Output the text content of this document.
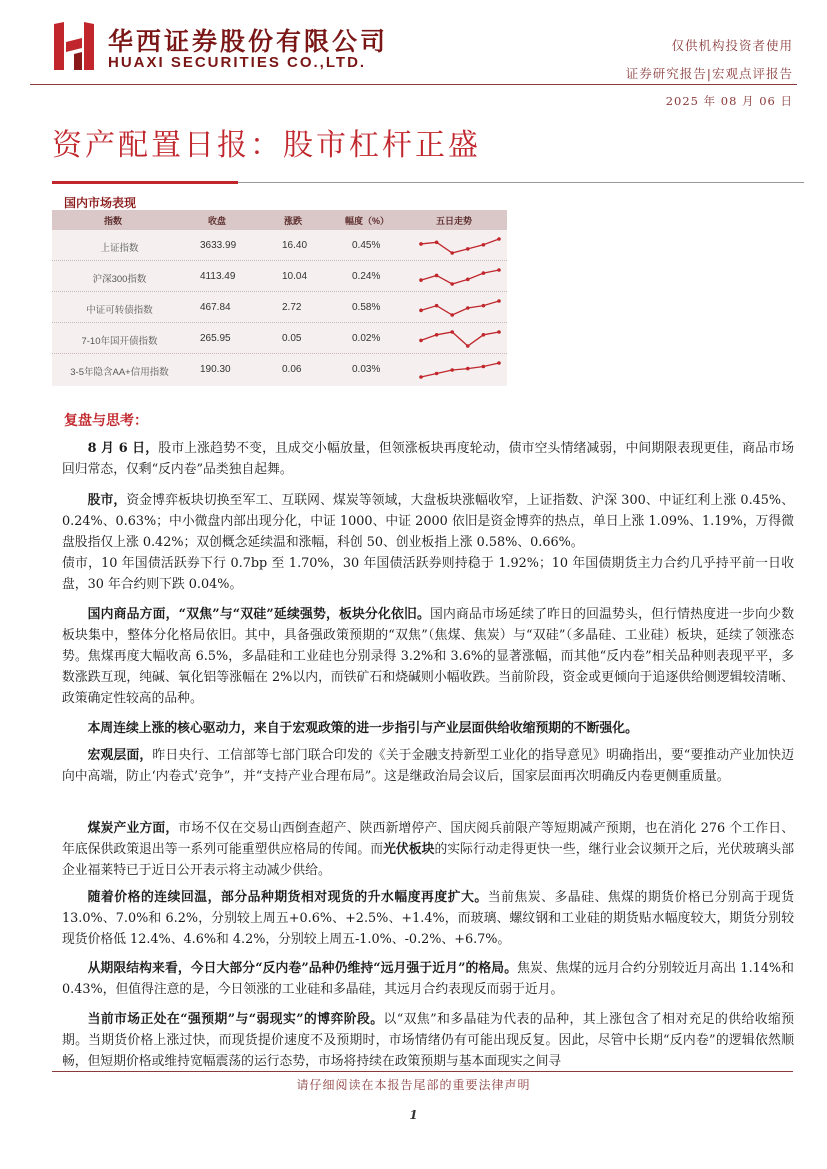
华西证券股份有限公司
HUAXI SECURITIES CO.,LTD.
仅供机构投资者使用
证券研究报告|宏观点评报告
2025 年 08 月 06 日
资产配置日报：股市杠杆正盛
国内市场表现
指数	收盘	涨跌	幅度（%）	五日走势
上证指数	3633.99	16.40	0.45%
沪深300指数	4113.49	10.04	0.24%
中证可转债指数	467.84	2.72	0.58%
7-10年国开债指数	265.95	0.05	0.02%
3-5年隐含AA+信用指数	190.30	0.06	0.03%
复盘与思考：

8 月 6 日，股市上涨趋势不变，且成交小幅放量，但领涨板块再度轮动，债市空头情绪减弱，中间期限表现更佳，商品市场回归常态，仅剩“反内卷”品类独自起舞。

股市，资金博弈板块切换至军工、互联网、煤炭等领域，大盘板块涨幅收窄，上证指数、沪深 300、中证红利上涨 0.45%、0.24%、0.63%；中小微盘内部出现分化，中证 1000、中证 2000 依旧是资金博弈的热点，单日上涨 1.09%、1.19%，万得微盘股指仅上涨 0.42%；双创概念延续温和涨幅，科创 50、创业板指上涨 0.58%、0.66%。

债市，10 年国债活跃券下行 0.7bp 至 1.70%，30 年国债活跃券则持稳于 1.92%；10 年国债期货主力合约几乎持平前一日收盘，30 年合约则下跌 0.04%。

国内商品方面，“双焦”与“双硅”延续强势，板块分化依旧。国内商品市场延续了昨日的回温势头，但行情热度进一步向少数板块集中，整体分化格局依旧。其中，具备强政策预期的“双焦”（焦煤、焦炭）与“双硅”（多晶硅、工业硅）板块，延续了领涨态势。焦煤再度大幅收高 6.5%，多晶硅和工业硅也分别录得 3.2%和 3.6%的显著涨幅，而其他“反内卷”相关品种则表现平平，多数涨跌互现，纯碱、氧化铝等涨幅在 2%以内，而铁矿石和烧碱则小幅收跌。当前阶段，资金或更倾向于追逐供给侧逻辑较清晰、政策确定性较高的品种。

本周连续上涨的核心驱动力，来自于宏观政策的进一步指引与产业层面供给收缩预期的不断强化。

宏观层面，昨日央行、工信部等七部门联合印发的《关于金融支持新型工业化的指导意见》明确指出，要“要推动产业加快迈向中高端，防止‘内卷式’竞争”，并“支持产业合理布局”。这是继政治局会议后，国家层面再次明确反内卷更侧重质量。

煤炭产业方面，市场不仅在交易山西倒查超产、陕西新增停产、国庆阅兵前限产等短期减产预期，也在消化 276 个工作日、年底保供政策退出等一系列可能重塑供应格局的传闻。而光伏板块的实际行动走得更快一些，继行业会议频开之后，光伏玻璃头部企业福莱特已于近日公开表示将主动减少供给。

随着价格的连续回温，部分品种期货相对现货的升水幅度再度扩大。当前焦炭、多晶硅、焦煤的期货价格已分别高于现货 13.0%、7.0%和 6.2%，分别较上周五+0.6%、+2.5%、+1.4%，而玻璃、螺纹钢和工业硅的期货贴水幅度较大，期货分别较现货价格低 12.4%、4.6%和 4.2%，分别较上周五-1.0%、-0.2%、+6.7%。

从期限结构来看，今日大部分“反内卷”品种仍维持“远月强于近月”的格局。焦炭、焦煤的远月合约分别较近月高出 1.14%和 0.43%，但值得注意的是，今日领涨的工业硅和多晶硅，其远月合约表现反而弱于近月。

当前市场正处在“强预期”与“弱现实”的博弈阶段。以“双焦”和多晶硅为代表的品种，其上涨包含了相对充足的供给收缩预期。当期货价格上涨过快，而现货提价速度不及预期时，市场情绪仍有可能出现反复。因此，尽管中长期“反内卷”的逻辑依然顺畅，但短期价格或维持宽幅震荡的运行态势，市场将持续在政策预期与基本面现实之间寻

请仔细阅读在本报告尾部的重要法律声明
1
